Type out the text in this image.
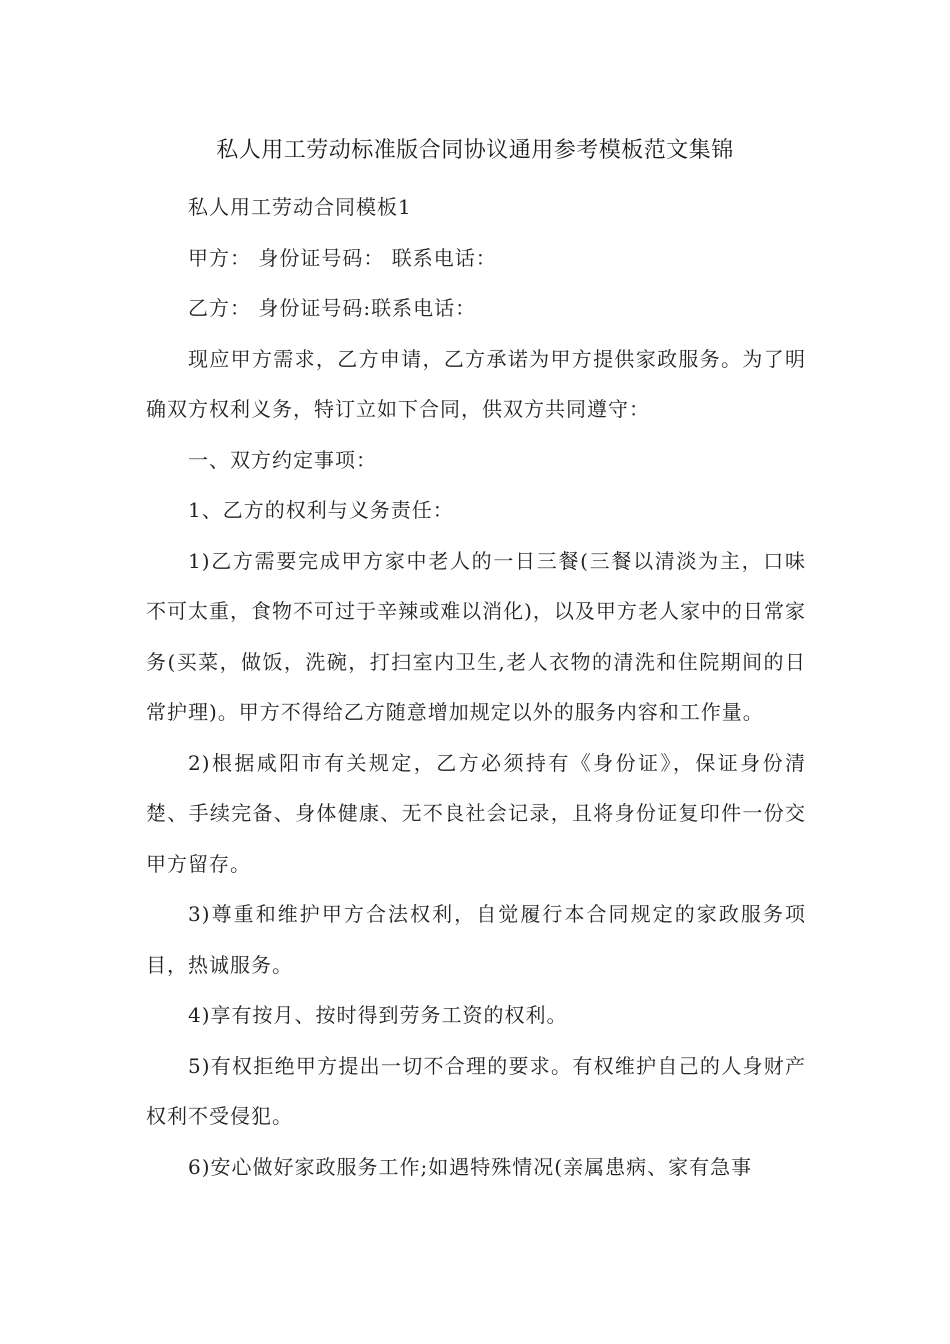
私人用工劳动标准版合同协议通用参考模板范文集锦

私人用工劳动合同模板1

甲方： 身份证号码： 联系电话：

乙方： 身份证号码:联系电话：

现应甲方需求，乙方申请，乙方承诺为甲方提供家政服务。为了明确双方权利义务，特订立如下合同，供双方共同遵守：

一、双方约定事项：

1、乙方的权利与义务责任：

1)乙方需要完成甲方家中老人的一日三餐(三餐以清淡为主，口味不可太重，食物不可过于辛辣或难以消化)，以及甲方老人家中的日常家务(买菜，做饭，洗碗，打扫室内卫生,老人衣物的清洗和住院期间的日常护理)。甲方不得给乙方随意增加规定以外的服务内容和工作量。

2)根据咸阳市有关规定，乙方必须持有《身份证》，保证身份清楚、手续完备、身体健康、无不良社会记录，且将身份证复印件一份交甲方留存。

3)尊重和维护甲方合法权利，自觉履行本合同规定的家政服务项目，热诚服务。

4)享有按月、按时得到劳务工资的权利。

5)有权拒绝甲方提出一切不合理的要求。有权维护自己的人身财产权利不受侵犯。

6)安心做好家政服务工作;如遇特殊情况(亲属患病、家有急事
